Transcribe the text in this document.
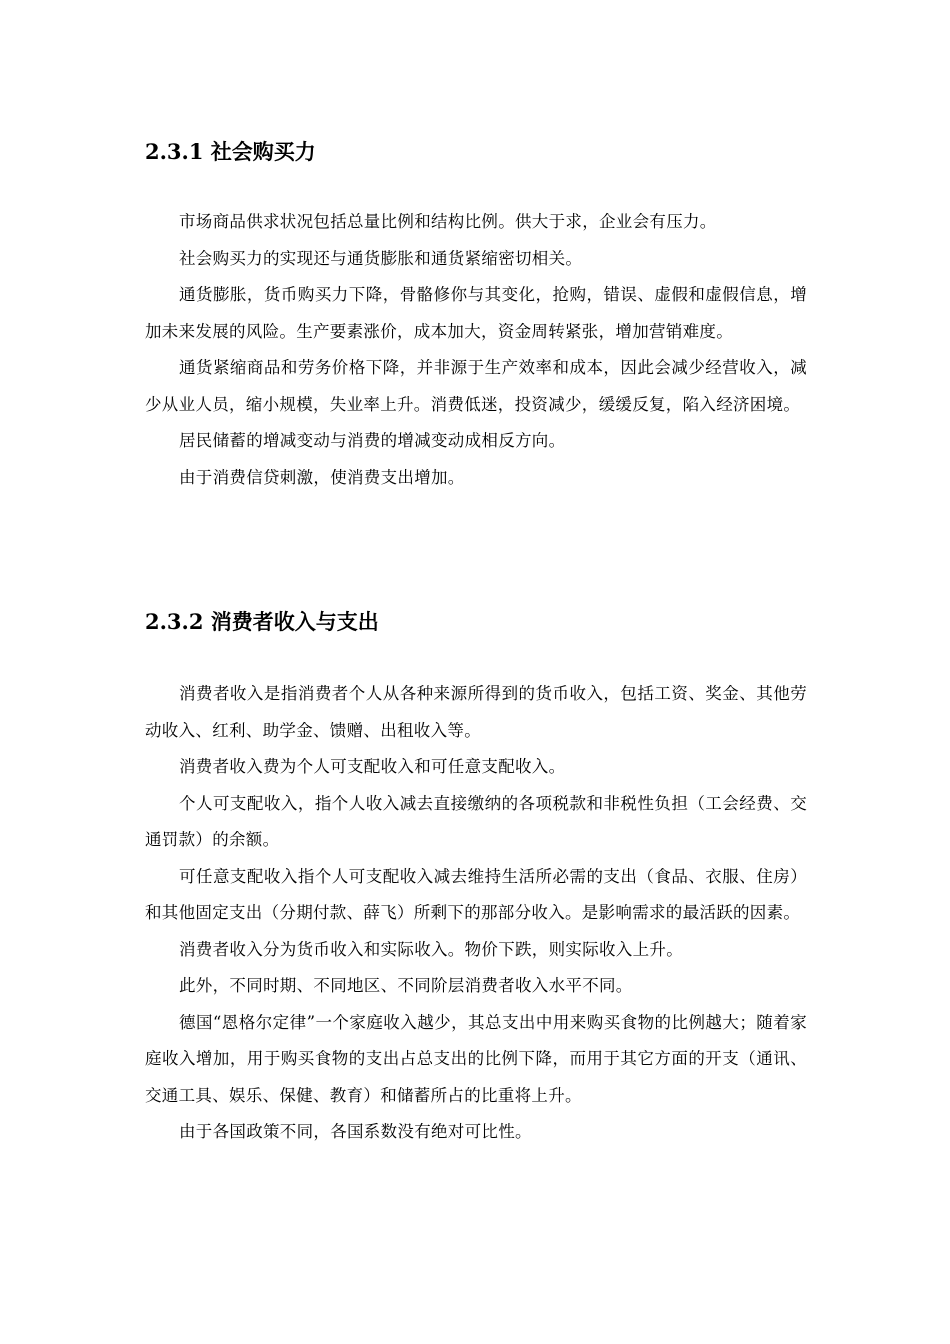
2.3.1 社会购买力

市场商品供求状况包括总量比例和结构比例。供大于求，企业会有压力。

社会购买力的实现还与通货膨胀和通货紧缩密切相关。

通货膨胀，货币购买力下降，骨骼修你与其变化，抢购，错误、虚假和虚假信息，增加未来发展的风险。生产要素涨价，成本加大，资金周转紧张，增加营销难度。

通货紧缩商品和劳务价格下降，并非源于生产效率和成本，因此会减少经营收入，减少从业人员，缩小规模，失业率上升。消费低迷，投资减少，缓缓反复，陷入经济困境。

居民储蓄的增减变动与消费的增减变动成相反方向。

由于消费信贷刺激，使消费支出增加。

2.3.2 消费者收入与支出

消费者收入是指消费者个人从各种来源所得到的货币收入，包括工资、奖金、其他劳动收入、红利、助学金、馈赠、出租收入等。

消费者收入费为个人可支配收入和可任意支配收入。

个人可支配收入，指个人收入减去直接缴纳的各项税款和非税性负担（工会经费、交通罚款）的余额。

可任意支配收入指个人可支配收入减去维持生活所必需的支出（食品、衣服、住房）和其他固定支出（分期付款、薛飞）所剩下的那部分收入。是影响需求的最活跃的因素。

消费者收入分为货币收入和实际收入。物价下跌，则实际收入上升。

此外，不同时期、不同地区、不同阶层消费者收入水平不同。

德国“恩格尔定律”一个家庭收入越少，其总支出中用来购买食物的比例越大；随着家庭收入增加，用于购买食物的支出占总支出的比例下降，而用于其它方面的开支（通讯、交通工具、娱乐、保健、教育）和储蓄所占的比重将上升。

由于各国政策不同，各国系数没有绝对可比性。
